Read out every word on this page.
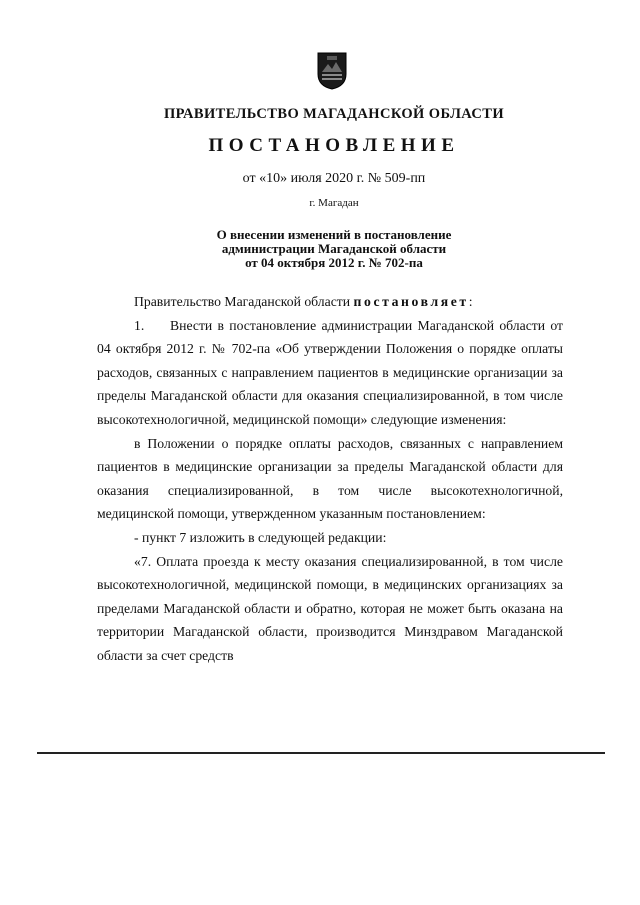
ПРАВИТЕЛЬСТВО МАГАДАНСКОЙ ОБЛАСТИ
ПОСТАНОВЛЕНИЕ
от «10» июля 2020 г. № 509-пп
г. Магадан
О внесении изменений в постановление
администрации Магаданской области
от 04 октября 2012 г. № 702-па

Правительство Магаданской области постановляет:

1. Внести в постановление администрации Магаданской области от 04 октября 2012 г. № 702-па «Об утверждении Положения о порядке оплаты расходов, связанных с направлением пациентов в медицинские организации за пределы Магаданской области для оказания специализированной, в том числе высокотехнологичной, медицинской помощи» следующие изменения:

в Положении о порядке оплаты расходов, связанных с направлением пациентов в медицинские организации за пределы Магаданской области для оказания специализированной, в том числе высокотехнологичной, медицинской помощи, утвержденном указанным постановлением:

- пункт 7 изложить в следующей редакции:

«7. Оплата проезда к месту оказания специализированной, в том числе высокотехнологичной, медицинской помощи, в медицинских организациях за пределами Магаданской области и обратно, которая не может быть оказана на территории Магаданской области, производится Минздравом Магаданской области за счет средств
